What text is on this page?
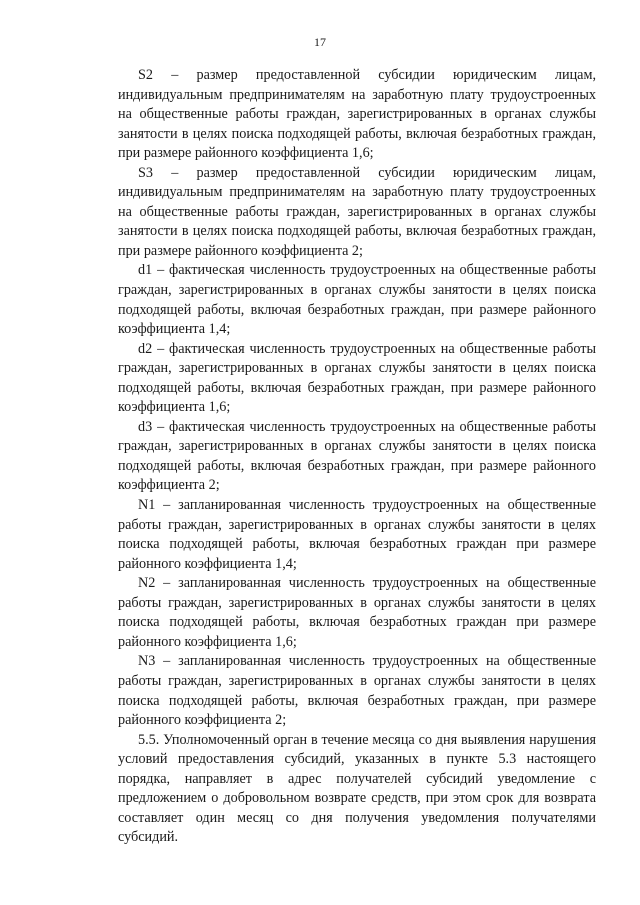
17

S2 – размер предоставленной субсидии юридическим лицам, индивидуальным предпринимателям на заработную плату трудоустроенных на общественные работы граждан, зарегистрированных в органах службы занятости в целях поиска подходящей работы, включая безработных граждан, при размере районного коэффициента 1,6;

S3 – размер предоставленной субсидии юридическим лицам, индивидуальным предпринимателям на заработную плату трудоустроенных на общественные работы граждан, зарегистрированных в органах службы занятости в целях поиска подходящей работы, включая безработных граждан, при размере районного коэффициента 2;

d1 – фактическая численность трудоустроенных на общественные работы граждан, зарегистрированных в органах службы занятости в целях поиска подходящей работы, включая безработных граждан, при размере районного коэффициента 1,4;

d2 – фактическая численность трудоустроенных на общественные работы граждан, зарегистрированных в органах службы занятости в целях поиска подходящей работы, включая безработных граждан, при размере районного коэффициента 1,6;

d3 – фактическая численность трудоустроенных на общественные работы граждан, зарегистрированных в органах службы занятости в целях поиска подходящей работы, включая безработных граждан, при размере районного коэффициента 2;

N1 – запланированная численность трудоустроенных на общественные работы граждан, зарегистрированных в органах службы занятости в целях поиска подходящей работы, включая безработных граждан при размере районного коэффициента 1,4;

N2 – запланированная численность трудоустроенных на общественные работы граждан, зарегистрированных в органах службы занятости в целях поиска подходящей работы, включая безработных граждан при размере районного коэффициента 1,6;

N3 – запланированная численность трудоустроенных на общественные работы граждан, зарегистрированных в органах службы занятости в целях поиска подходящей работы, включая безработных граждан, при размере районного коэффициента 2;

5.5. Уполномоченный орган в течение месяца со дня выявления нарушения условий предоставления субсидий, указанных в пункте 5.3 настоящего порядка, направляет в адрес получателей субсидий уведомление с предложением о добровольном возврате средств, при этом срок для возврата составляет один месяц со дня получения уведомления получателями субсидий.
